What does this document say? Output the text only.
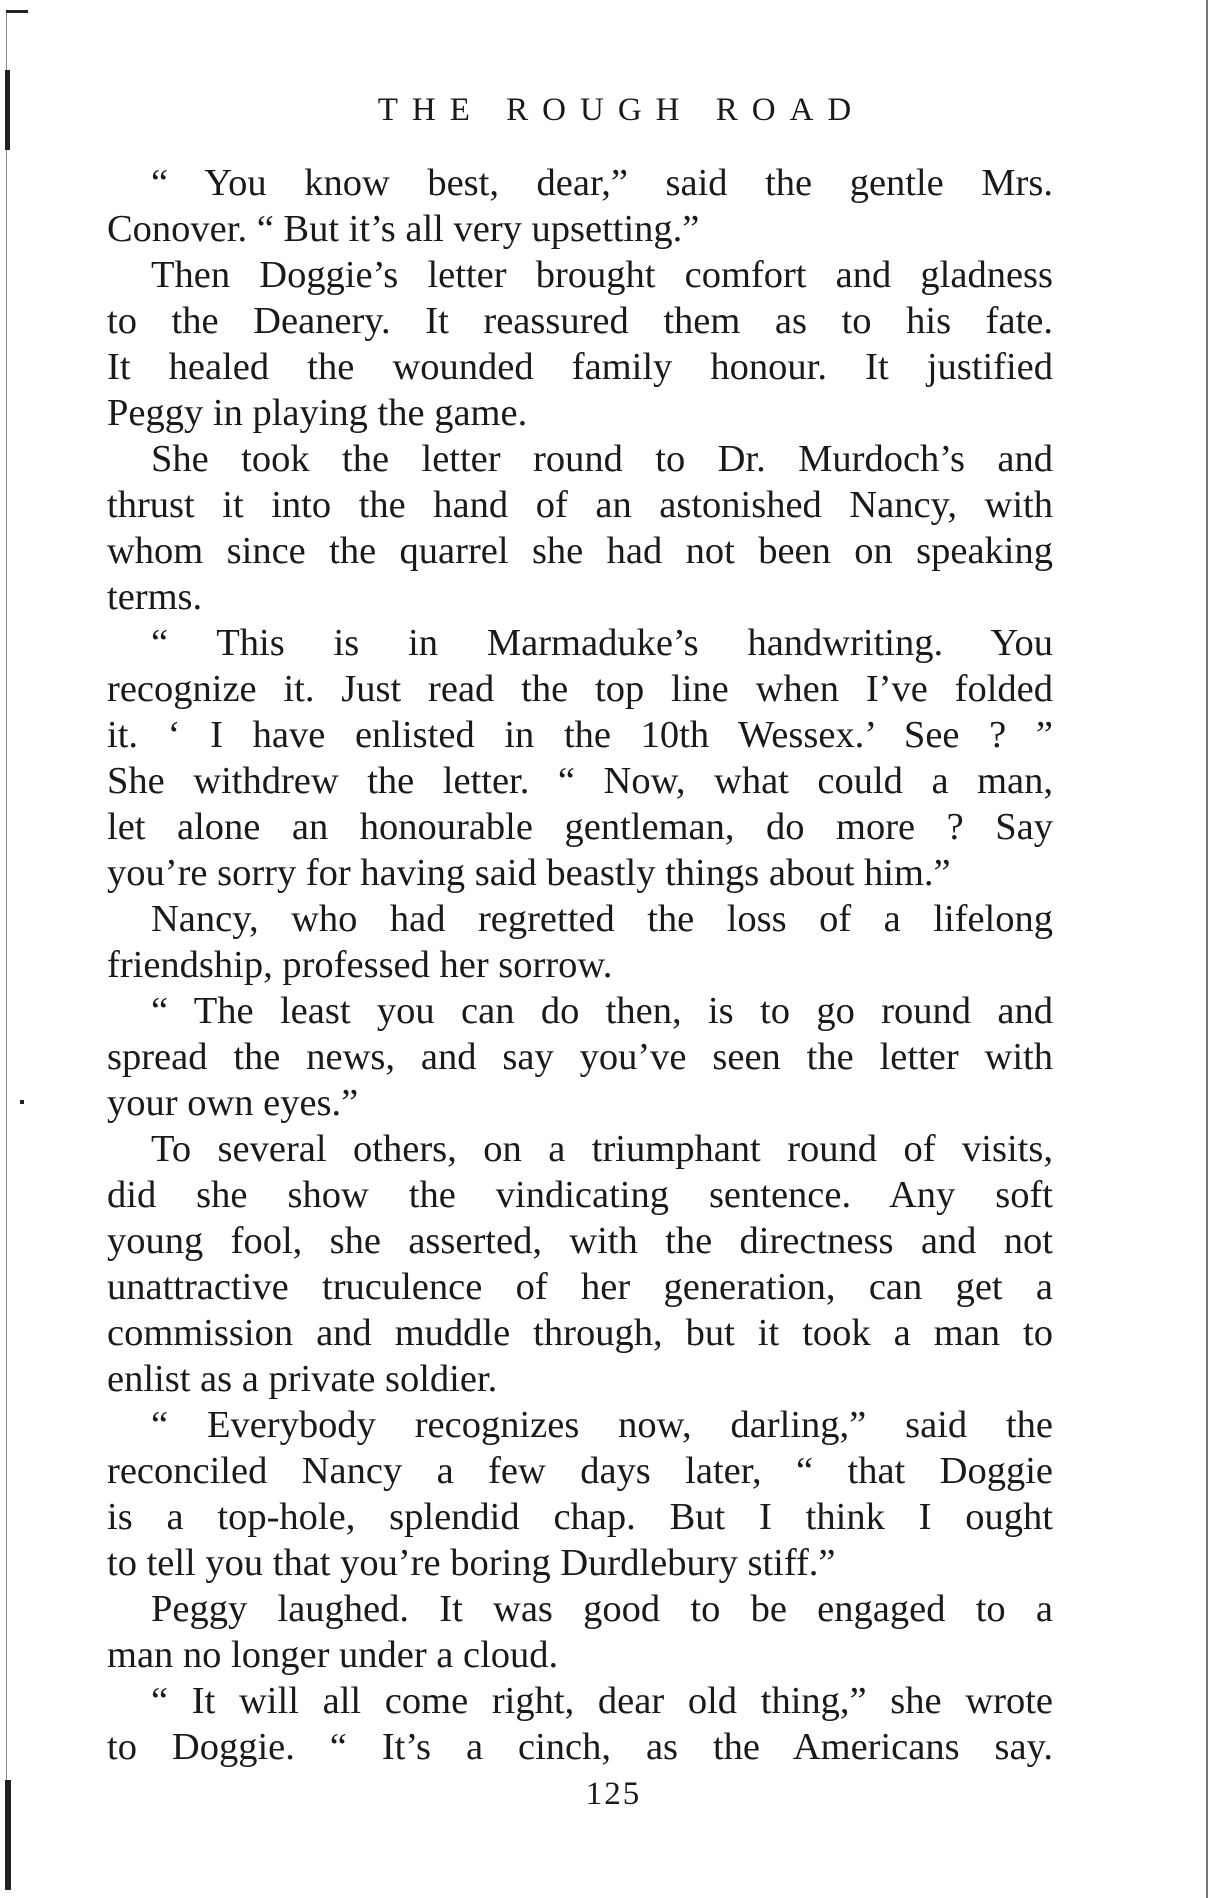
THE ROUGH ROAD
“ You know best, dear,” said the gentle Mrs.
Conover. “ But it’s all very upsetting.”
Then Doggie’s letter brought comfort and gladness
to the Deanery. It reassured them as to his fate.
It healed the wounded family honour. It justified
Peggy in playing the game.
She took the letter round to Dr. Murdoch’s and
thrust it into the hand of an astonished Nancy, with
whom since the quarrel she had not been on speaking
terms.
“ This is in Marmaduke’s handwriting. You
recognize it. Just read the top line when I’ve folded
it. ‘ I have enlisted in the 10th Wessex.’ See ? ”
She withdrew the letter. “ Now, what could a man,
let alone an honourable gentleman, do more ? Say
you’re sorry for having said beastly things about him.”
Nancy, who had regretted the loss of a lifelong
friendship, professed her sorrow.
“ The least you can do then, is to go round and
spread the news, and say you’ve seen the letter with
your own eyes.”
To several others, on a triumphant round of visits,
did she show the vindicating sentence. Any soft
young fool, she asserted, with the directness and not
unattractive truculence of her generation, can get a
commission and muddle through, but it took a man to
enlist as a private soldier.
“ Everybody recognizes now, darling,” said the
reconciled Nancy a few days later, “ that Doggie
is a top-hole, splendid chap. But I think I ought
to tell you that you’re boring Durdlebury stiff.”
Peggy laughed. It was good to be engaged to a
man no longer under a cloud.
“ It will all come right, dear old thing,” she wrote
to Doggie. “ It’s a cinch, as the Americans say.
125
